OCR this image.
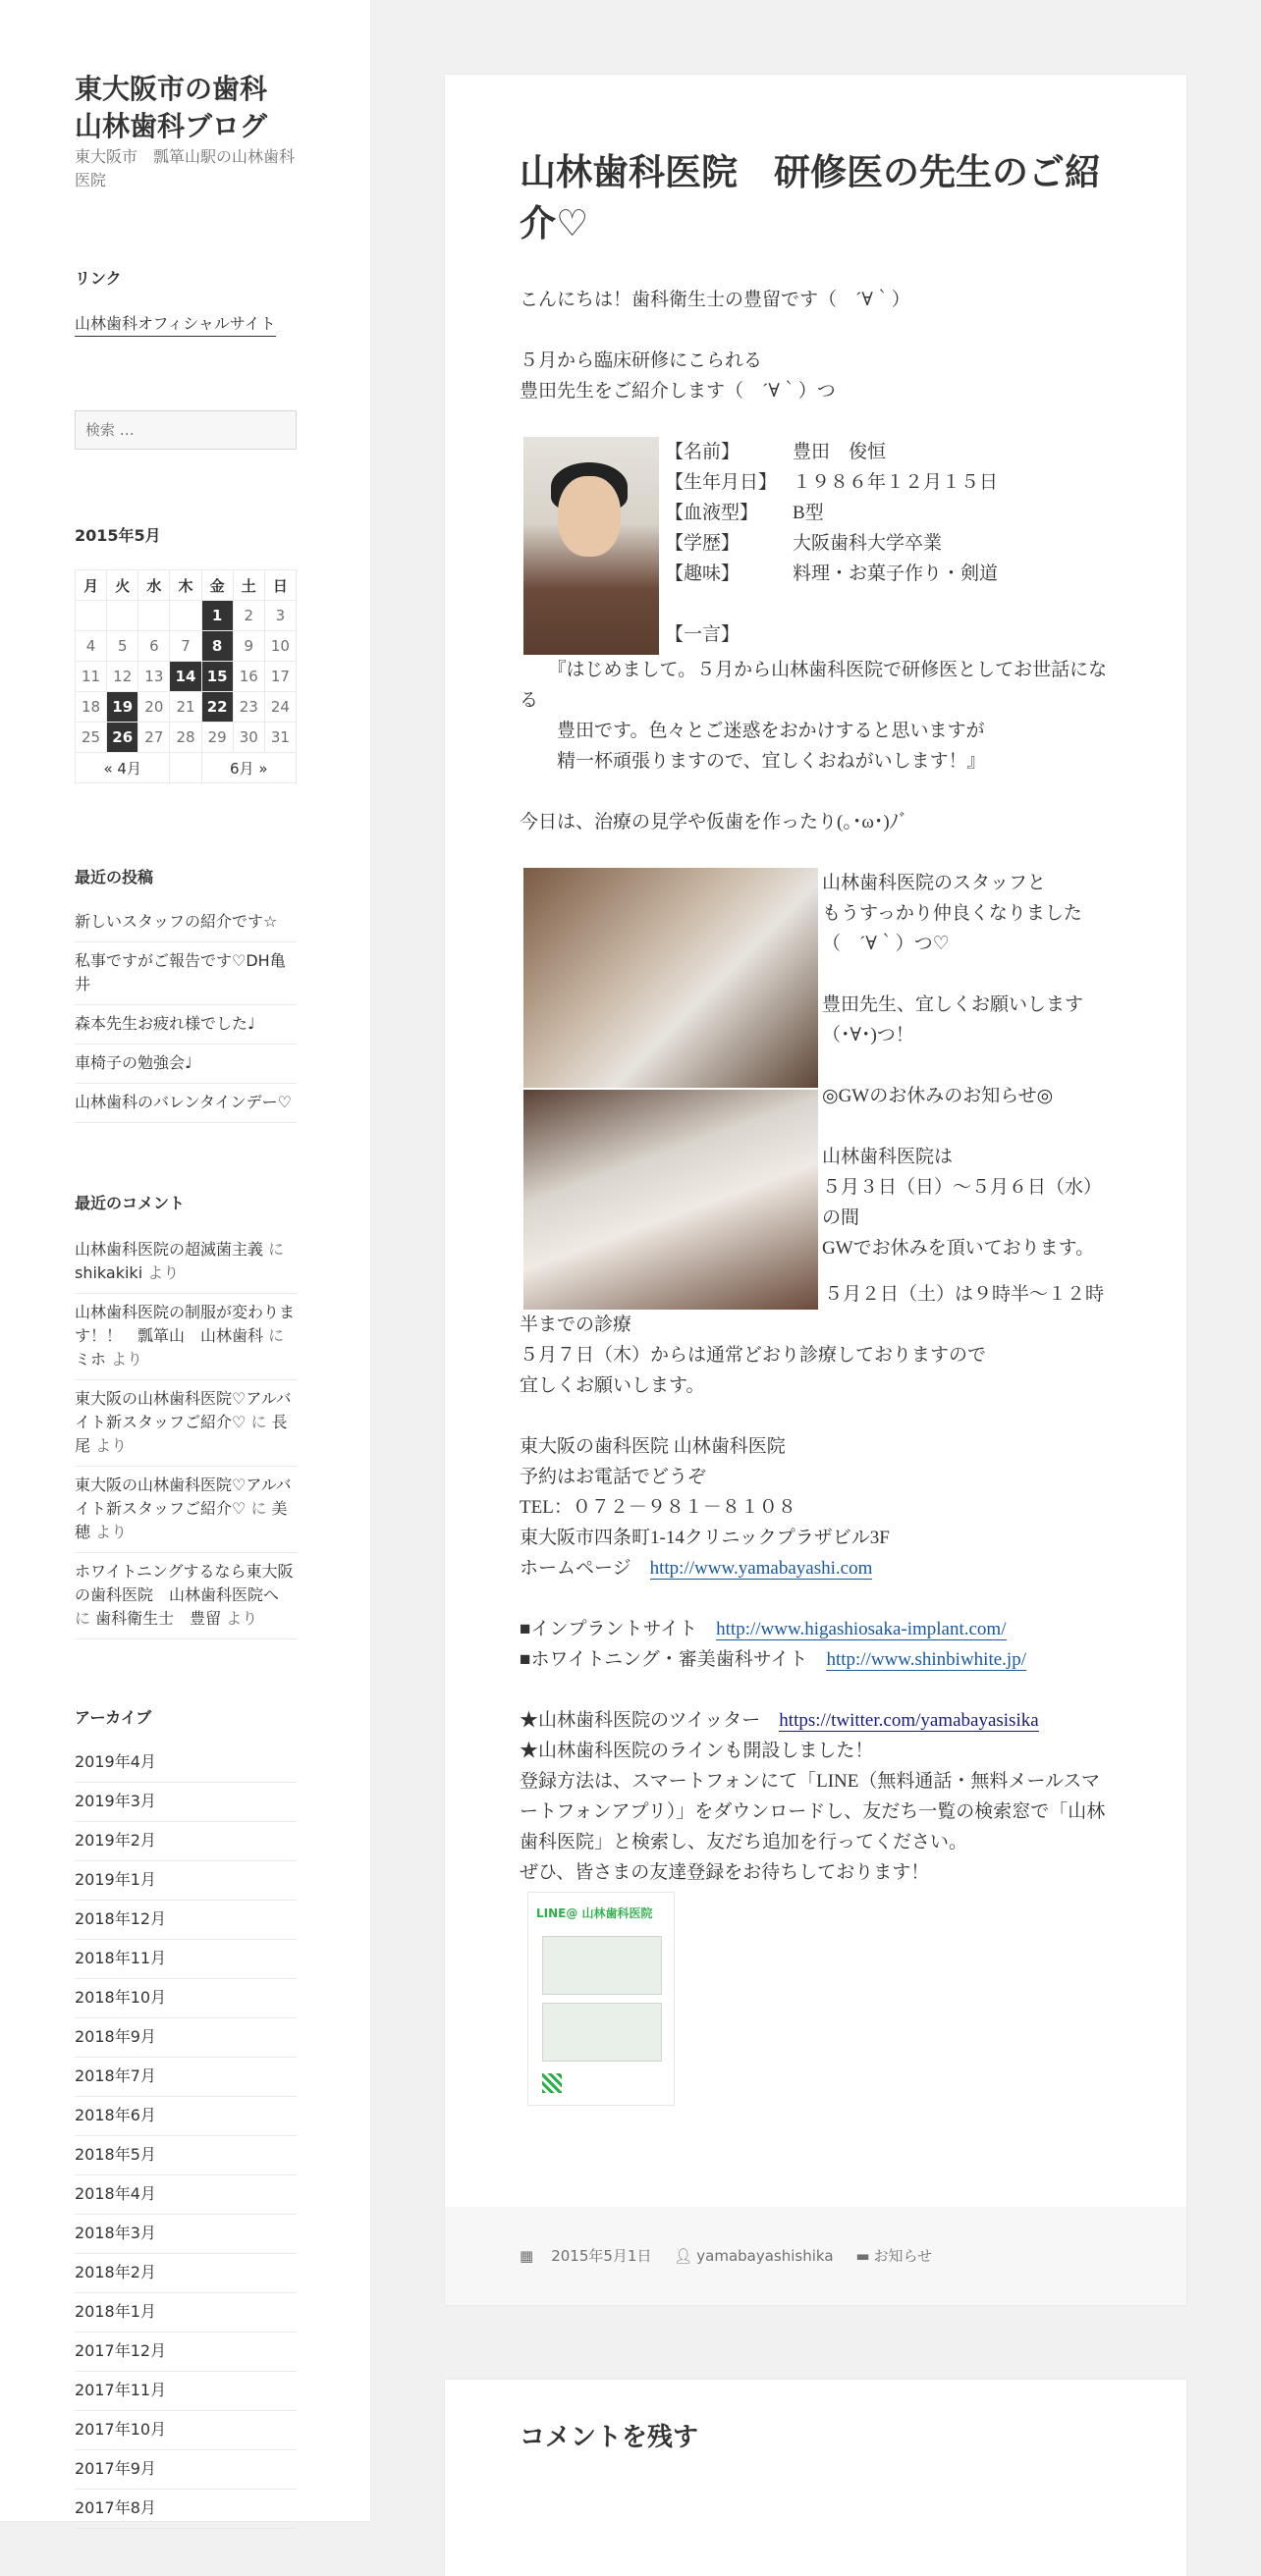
東大阪市の歯科
山林歯科ブログ

東大阪市　瓢箪山駅の山林歯科医院

リンク
山林歯科オフィシャルサイト
検索 …
2015年5月
月	火	水	木	金	土	日
				1	2	3
4	5	6	7	8	9	10
11	12	13	14	15	16	17
18	19	20	21	22	23	24
25	26	27	28	29	30	31
« 4月				6月 »		
最近の投稿
新しいスタッフの紹介です☆
私事ですがご報告です♡DH亀井
森本先生お疲れ様でした♩
車椅子の勉強会♩
山林歯科のバレンタインデー♡
最近のコメント
山林歯科医院の超滅菌主義 に shikakiki より
山林歯科医院の制服が変わります！！　瓢箪山　山林歯科 に ミホ より
東大阪の山林歯科医院♡アルバイト新スタッフご紹介♡ に 長尾 より
東大阪の山林歯科医院♡アルバイト新スタッフご紹介♡ に 美穂 より
ホワイトニングするなら東大阪の歯科医院　山林歯科医院へ に 歯科衛生士　豊留 より
アーカイブ
2019年4月
2019年3月
2019年2月
2019年1月
2018年12月
2018年11月
2018年10月
2018年9月
2018年7月
2018年6月
2018年5月
2018年4月
2018年3月
2018年2月
2018年1月
2017年12月
2017年11月
2017年10月
2017年9月
2017年8月
山林歯科医院　研修医の先生のご紹介♡

こんにちは！歯科衛生士の豊留です（　´∀｀）

５月から臨床研修にこられる

豊田先生をご紹介します（　´∀｀）つ

【名前】	豊田　俊恒

【生年月日】 １９８６年１２月１５日

【血液型】 B型

【学歴】	大阪歯科大学卒業

【趣味】	料理・お菓子作り・剣道

【一言】

　　『はじめまして。５月から山林歯科医院で研修医としてお世話になる

　　豊田です。色々とご迷惑をおかけすると思いますが

　　精一杯頑張りますので、宜しくおねがいします！』

今日は、治療の見学や仮歯を作ったり(｡･ω･)ﾉﾞ

山林歯科医院のスタッフと

もうすっかり仲良くなりました

（　´∀｀）つ♡

豊田先生、宜しくお願いします

（･∀･)つ！

◎GWのお休みのお知らせ◎

山林歯科医院は

５月３日（日）～５月６日（水）の間

GWでお休みを頂いております。

５月２日（土）は９時半～１２時半までの診療

５月７日（木）からは通常どおり診療しておりますので

宜しくお願いします。

東大阪の歯科医院 山林歯科医院

予約はお電話でどうぞ

TEL：０７２－９８１－８１０８

東大阪市四条町1-14クリニックプラザビル3F

ホームページ　http://www.yamabayashi.com

■インプラントサイト　http://www.higashiosaka-implant.com/

■ホワイトニング・審美歯科サイト　http://www.shinbiwhite.jp/

★山林歯科医院のツイッター　https://twitter.com/yamabayasisika

★山林歯科医院のラインも開設しました！

登録方法は、スマートフォンにて「LINE（無料通話・無料メールスマートフォンアプリ）」をダウンロードし、友だち一覧の検索窓で「山林歯科医院」と検索し、友だち追加を行ってください。

ぜひ、皆さまの友達登録をお待ちしております！

LINE@ 山林歯科医院
▦ 2015年5月1日 👤︎ yamabayashishika ▬ お知らせ
コメントを残す
